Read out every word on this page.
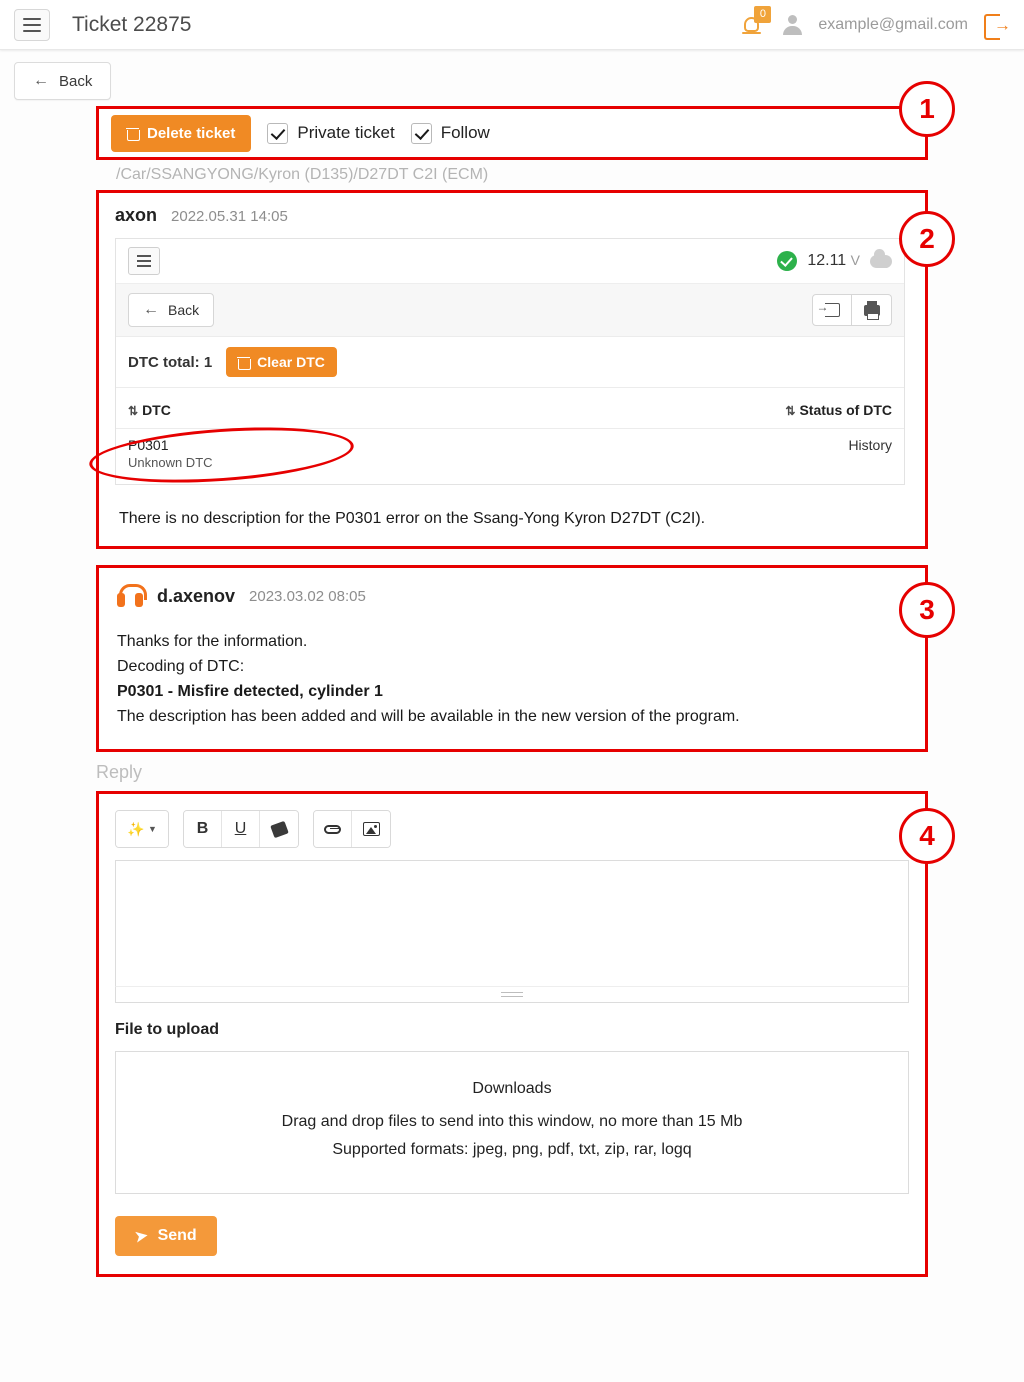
Ticket 22875	0
example@gmail.com
→
← Back
Delete ticket	Private ticket	Follow
1
/Car/SSANGYONG/Kyron (D135)/D27DT C2I (ECM)
axon 2022.05.31 14:05
12.11 V
← Back
→
DTC total: 1	Clear DTC
⇅ DTC	⇅ Status of DTC

P0301
Unknown DTC	History
There is no description for the P0301 error on the Ssang-Yong Kyron D27DT (C2I).
2
d.axenov 2023.03.02 08:05
Thanks for the information.
Decoding of DTC:
P0301 - Misfire detected, cylinder 1
The description has been added and will be available in the new version of the program.
3
Reply
✨ ▼ B U
File to upload
Downloads
Drag and drop files to send into this window, no more than 15 Mb
Supported formats: jpeg, png, pdf, txt, zip, rar, logq
➤ Send
4
